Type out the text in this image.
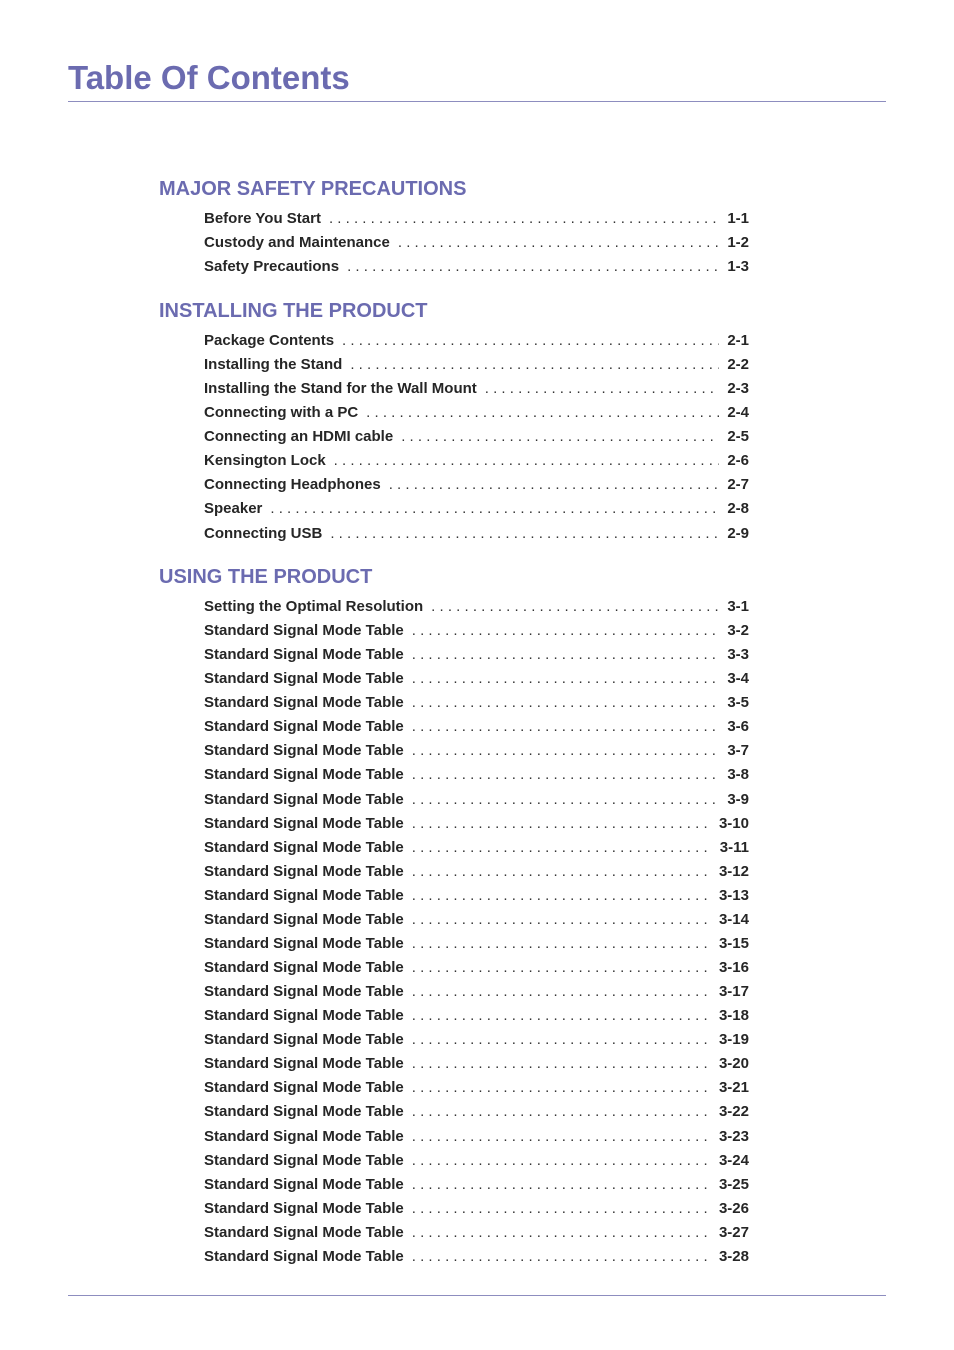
Table Of Contents
MAJOR SAFETY PRECAUTIONS
Before You Start . . .	1-1
Custody and Maintenance . . .	1-2
Safety Precautions . . .	1-3
INSTALLING THE PRODUCT
Package Contents . . .	2-1
Installing the Stand . . .	2-2
Installing the Stand for the Wall Mount . . .	2-3
Connecting with a PC . . .	2-4
Connecting an HDMI cable . . .	2-5
Kensington Lock . . .	2-6
Connecting Headphones . . .	2-7
Speaker . . .	2-8
Connecting USB . . .	2-9
USING THE PRODUCT
Setting the Optimal Resolution . . .	3-1
Standard Signal Mode Table . . .	3-2
Standard Signal Mode Table . . .	3-3
Standard Signal Mode Table . . .	3-4
Standard Signal Mode Table . . .	3-5
Standard Signal Mode Table . . .	3-6
Standard Signal Mode Table . . .	3-7
Standard Signal Mode Table . . .	3-8
Standard Signal Mode Table . . .	3-9
Standard Signal Mode Table . . .	3-10
Standard Signal Mode Table . . .	3-11
Standard Signal Mode Table . . .	3-12
Standard Signal Mode Table . . .	3-13
Standard Signal Mode Table . . .	3-14
Standard Signal Mode Table . . .	3-15
Standard Signal Mode Table . . .	3-16
Standard Signal Mode Table . . .	3-17
Standard Signal Mode Table . . .	3-18
Standard Signal Mode Table . . .	3-19
Standard Signal Mode Table . . .	3-20
Standard Signal Mode Table . . .	3-21
Standard Signal Mode Table . . .	3-22
Standard Signal Mode Table . . .	3-23
Standard Signal Mode Table . . .	3-24
Standard Signal Mode Table . . .	3-25
Standard Signal Mode Table . . .	3-26
Standard Signal Mode Table . . .	3-27
Standard Signal Mode Table . . .	3-28
